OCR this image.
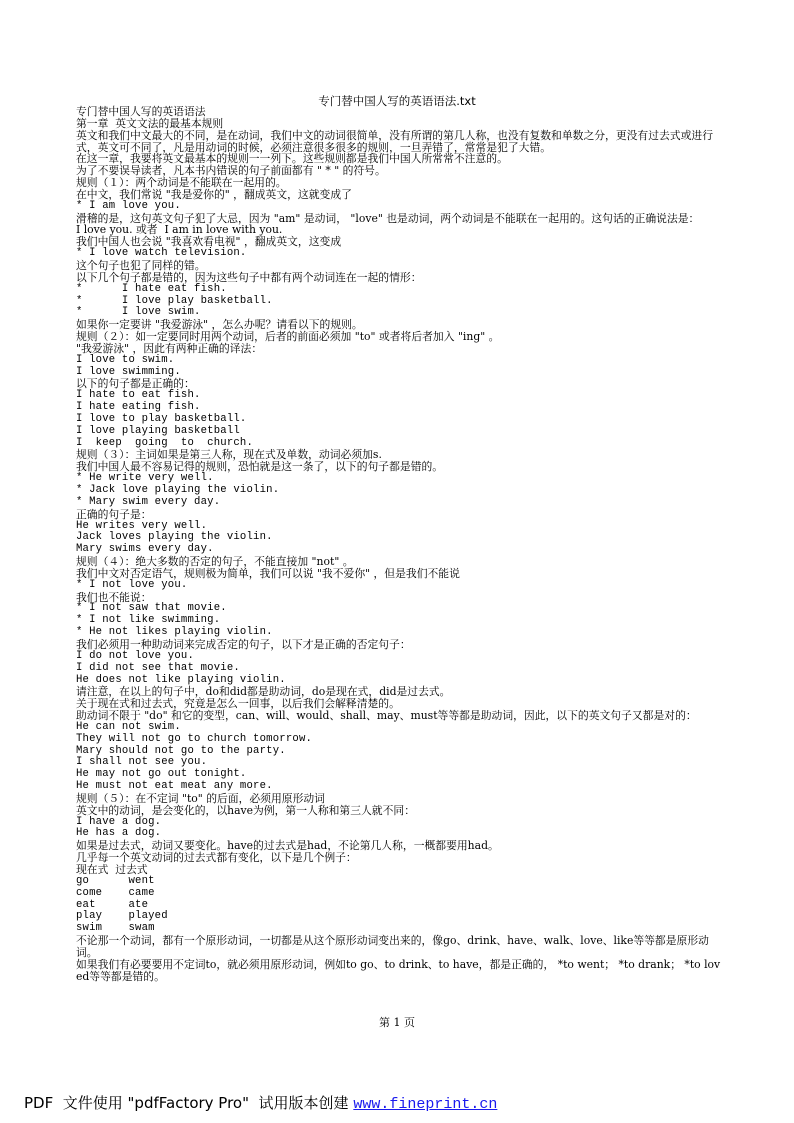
专门替中国人写的英语语法.txt
专门替中国人写的英语语法
第一章  英文文法的最基本规则
英文和我们中文最大的不同，是在动词，我们中文的动词很简单，没有所谓的第几人称，也没有复数和单数之分，更没有过去式或进行式，英文可不同了，凡是用动词的时候，必须注意很多很多的规则，一旦弄错了，常常是犯了大错。
在这一章，我要将英文最基本的规则一一列下。这些规则都是我们中国人所常常不注意的。
为了不要误导读者，凡本书内错误的句子前面都有 " * " 的符号。
规则（１）：两个动词是不能联在一起用的。
在中文，我们常说 "我是爱你的" ，翻成英文，这就变成了
* I am love you.
滑稽的是，这句英文句子犯了大忌，因为 "am" 是动词， "love" 也是动词，两个动词是不能联在一起用的。这句话的正确说法是：
I love you. 或者  I am in love with you.
我们中国人也会说 "我喜欢看电视" ，翻成英文，这变成
* I love watch television.
这个句子也犯了同样的错。
以下几个句子都是错的，因为这些句子中都有两个动词连在一起的情形：
*      I hate eat fish.
*      I love play basketball.
*      I love swim.
如果你一定要讲 "我爱游泳" ，怎么办呢？请看以下的规则。
规则（２）：如一定要同时用两个动词，后者的前面必须加 "to" 或者将后者加入 "ing" 。
"我爱游泳" ，因此有两种正确的译法：
I love to swim.
I love swimming.
以下的句子都是正确的：
I hate to eat fish.
I hate eating fish.
I love to play basketball.
I love playing basketball
I  keep  going  to  church.
规则（３）：主词如果是第三人称，现在式及单数，动词必须加s.
我们中国人最不容易记得的规则，恐怕就是这一条了，以下的句子都是错的。
* He write very well.
* Jack love playing the violin.
* Mary swim every day.
正确的句子是：
He writes very well.
Jack loves playing the violin.
Mary swims every day.
规则（４）：绝大多数的否定的句子，不能直接加 "not" 。
我们中文对否定语气，规则极为简单，我们可以说 "我不爱你" ，但是我们不能说
* I not love you.
我们也不能说：
* I not saw that movie.
* I not like swimming.
* He not likes playing violin.
我们必须用一种助动词来完成否定的句子，以下才是正确的否定句子：
I do not love you.
I did not see that movie.
He does not like playing violin.
请注意，在以上的句子中，do和did都是助动词，do是现在式，did是过去式。
关于现在式和过去式，究竟是怎么一回事，以后我们会解释清楚的。
助动词不限于 "do" 和它的变型，can、will、would、shall、may、must等等都是助动词，因此，以下的英文句子又都是对的：
He can not swim.
They will not go to church tomorrow.
Mary should not go to the party.
I shall not see you.
He may not go out tonight.
He must not eat meat any more.
规则（５）：在不定词 "to" 的后面，必须用原形动词
英文中的动词，是会变化的，以have为例，第一人称和第三人就不同：
I have a dog.
He has a dog.
如果是过去式，动词又要变化。have的过去式是had，不论第几人称，一概都要用had。
几乎每一个英文动词的过去式都有变化，以下是几个例子：
现在式  过去式
go      went
come    came
eat     ate
play    played
swim    swam
不论那一个动词，都有一个原形动词，一切都是从这个原形动词变出来的，像go、drink、have、walk、love、like等等都是原形动词。
如果我们有必要要用不定词to，就必须用原形动词，例如to go、to drink、to have，都是正确的， *to went； *to drank； *to loved等等都是错的。
第 1 页
PDF  文件使用 "pdfFactory Pro"  试用版本创建 www.fineprint.cn
